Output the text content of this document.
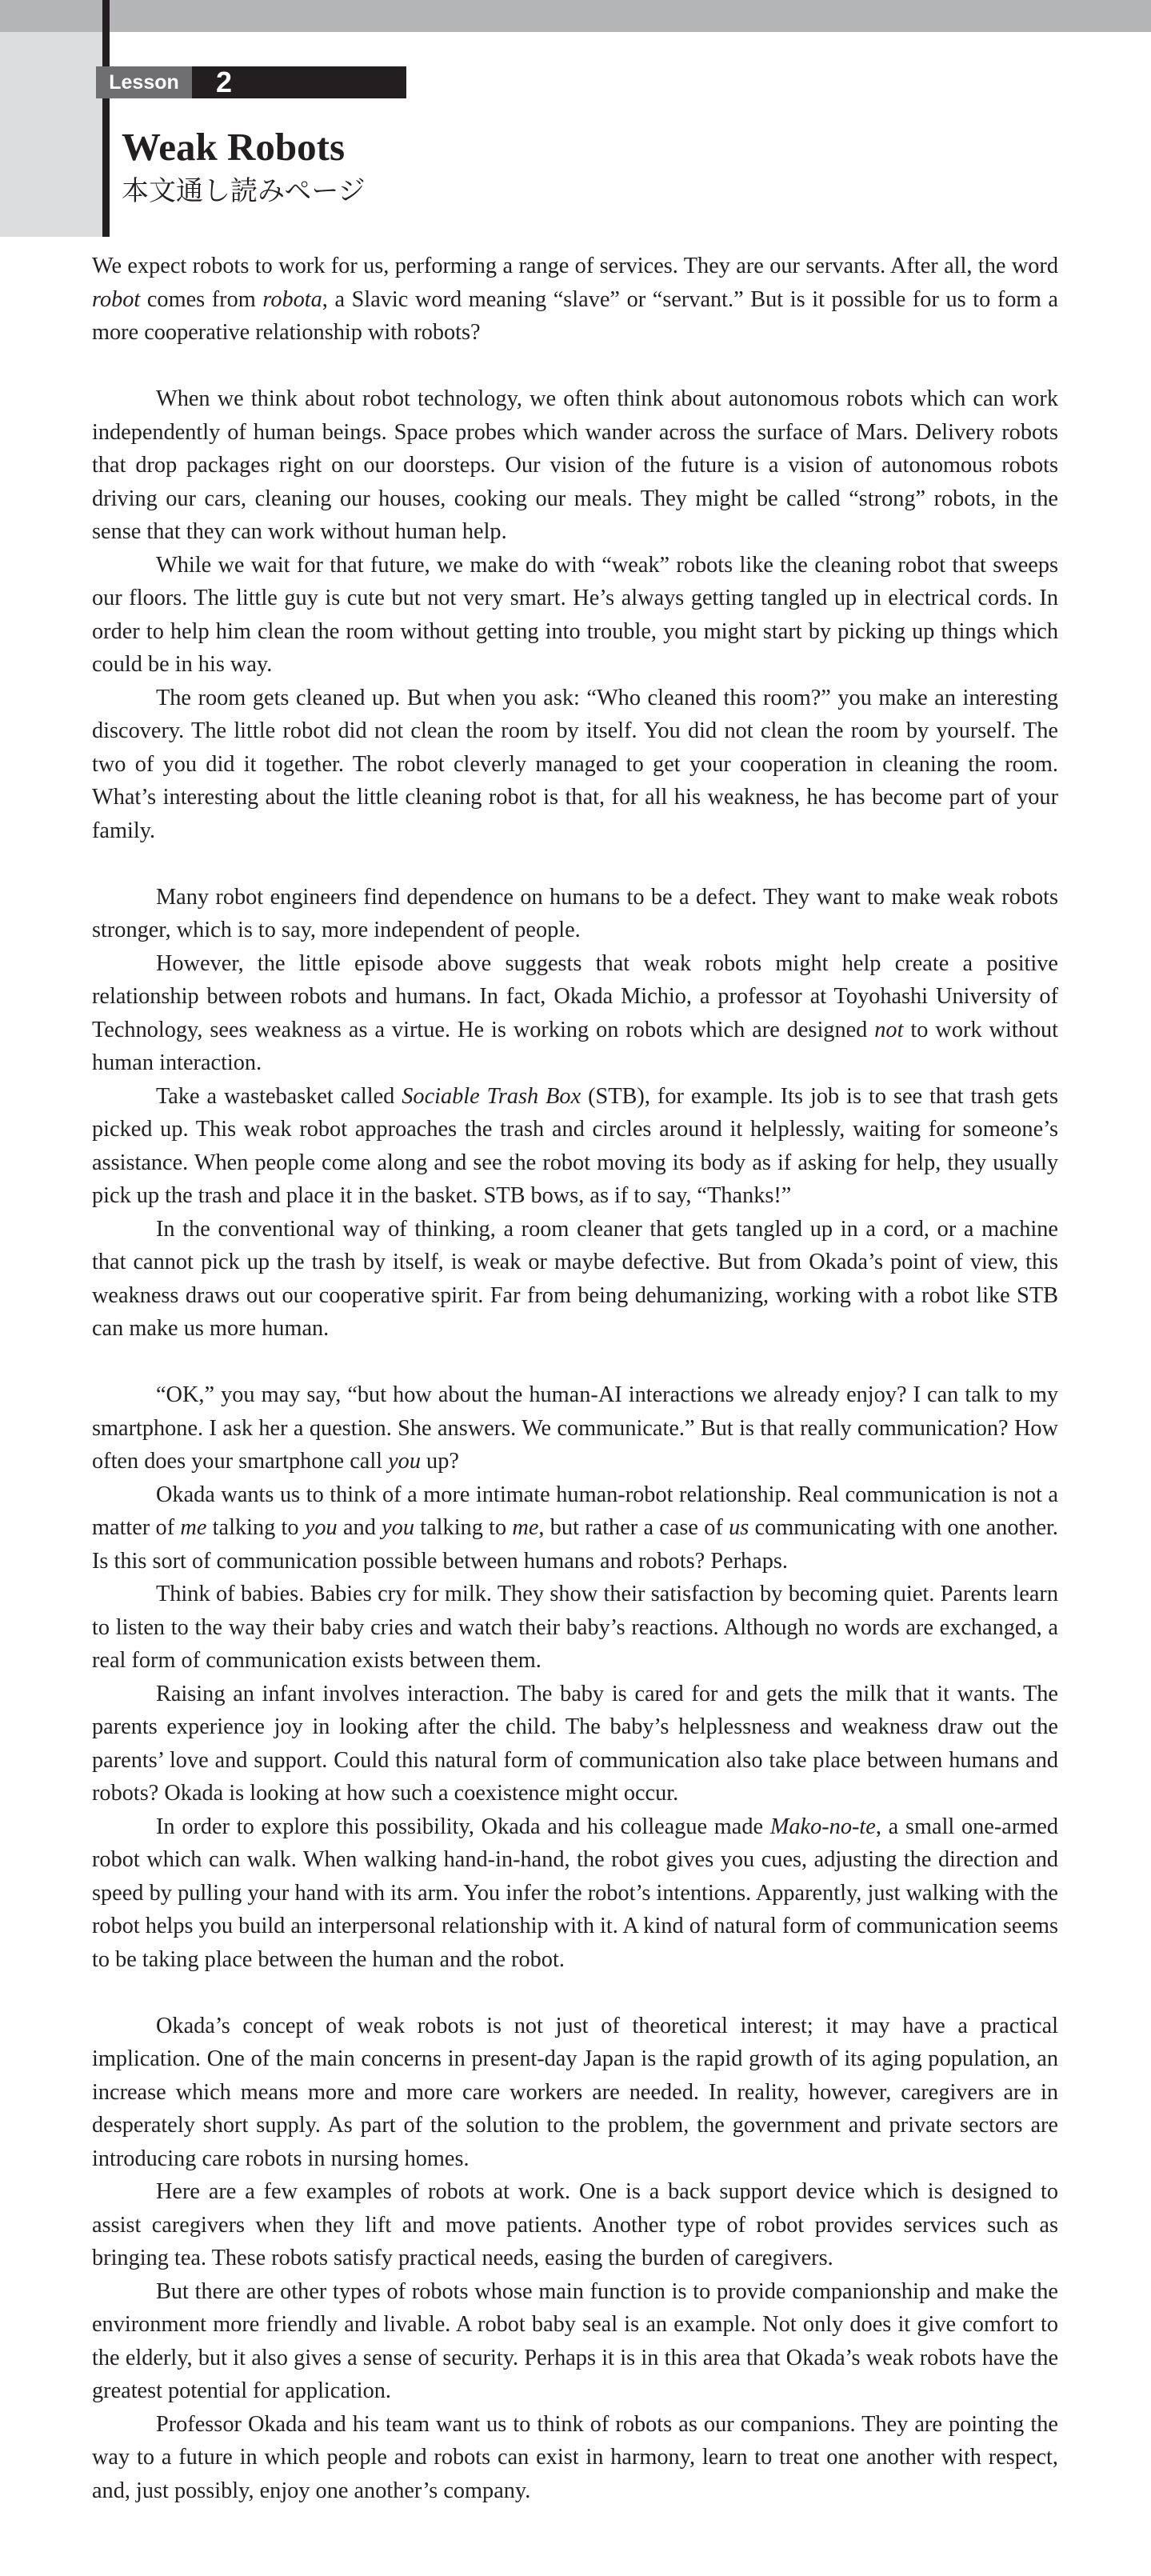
Lesson	2
Weak Robots
本文通し読みページ

We expect robots to work for us, performing a range of services. They are our servants. After all, the word robot comes from robota, a Slavic word meaning “slave” or “servant.” But is it possible for us to form a more cooperative relationship with robots?

When we think about robot technology, we often think about autonomous robots which can work independently of human beings. Space probes which wander across the surface of Mars. Delivery robots that drop packages right on our doorsteps. Our vision of the future is a vision of autonomous robots driving our cars, cleaning our houses, cooking our meals. They might be called “strong” robots, in the sense that they can work without human help.

While we wait for that future, we make do with “weak” robots like the cleaning robot that sweeps our floors. The little guy is cute but not very smart. He’s always getting tangled up in electrical cords. In order to help him clean the room without getting into trouble, you might start by picking up things which could be in his way.

The room gets cleaned up. But when you ask: “Who cleaned this room?” you make an interesting discovery. The little robot did not clean the room by itself. You did not clean the room by yourself. The two of you did it together. The robot cleverly managed to get your cooperation in cleaning the room. What’s interesting about the little cleaning robot is that, for all his weakness, he has become part of your family.

Many robot engineers find dependence on humans to be a defect. They want to make weak robots stronger, which is to say, more independent of people.

However, the little episode above suggests that weak robots might help create a positive relationship between robots and humans. In fact, Okada Michio, a professor at Toyohashi University of Technology, sees weakness as a virtue. He is working on robots which are designed not to work without human interaction.

Take a wastebasket called Sociable Trash Box (STB), for example. Its job is to see that trash gets picked up. This weak robot approaches the trash and circles around it helplessly, waiting for someone’s assistance. When people come along and see the robot moving its body as if asking for help, they usually pick up the trash and place it in the basket. STB bows, as if to say, “Thanks!”

In the conventional way of thinking, a room cleaner that gets tangled up in a cord, or a machine that cannot pick up the trash by itself, is weak or maybe defective. But from Okada’s point of view, this weakness draws out our cooperative spirit. Far from being dehumanizing, working with a robot like STB can make us more human.

“OK,” you may say, “but how about the human-AI interactions we already enjoy? I can talk to my smartphone. I ask her a question. She answers. We communicate.” But is that really communication? How often does your smartphone call you up?

Okada wants us to think of a more intimate human-robot relationship. Real communication is not a matter of me talking to you and you talking to me, but rather a case of us communicating with one another. Is this sort of communication possible between humans and robots? Perhaps.

Think of babies. Babies cry for milk. They show their satisfaction by becoming quiet. Parents learn to listen to the way their baby cries and watch their baby’s reactions. Although no words are exchanged, a real form of communication exists between them.

Raising an infant involves interaction. The baby is cared for and gets the milk that it wants. The parents experience joy in looking after the child. The baby’s helplessness and weakness draw out the parents’ love and support. Could this natural form of communication also take place between humans and robots? Okada is looking at how such a coexistence might occur.

In order to explore this possibility, Okada and his colleague made Mako-no-te, a small one-armed robot which can walk. When walking hand-in-hand, the robot gives you cues, adjusting the direction and speed by pulling your hand with its arm. You infer the robot’s intentions. Apparently, just walking with the robot helps you build an interpersonal relationship with it. A kind of natural form of communication seems to be taking place between the human and the robot.

Okada’s concept of weak robots is not just of theoretical interest; it may have a practical implication. One of the main concerns in present-day Japan is the rapid growth of its aging population, an increase which means more and more care workers are needed. In reality, however, caregivers are in desperately short supply. As part of the solution to the problem, the government and private sectors are introducing care robots in nursing homes.

Here are a few examples of robots at work. One is a back support device which is designed to assist caregivers when they lift and move patients. Another type of robot provides services such as bringing tea. These robots satisfy practical needs, easing the burden of caregivers.

But there are other types of robots whose main function is to provide companionship and make the environment more friendly and livable. A robot baby seal is an example. Not only does it give comfort to the elderly, but it also gives a sense of security. Perhaps it is in this area that Okada’s weak robots have the greatest potential for application.

Professor Okada and his team want us to think of robots as our companions. They are pointing the way to a future in which people and robots can exist in harmony, learn to treat one another with respect, and, just possibly, enjoy one another’s company.
